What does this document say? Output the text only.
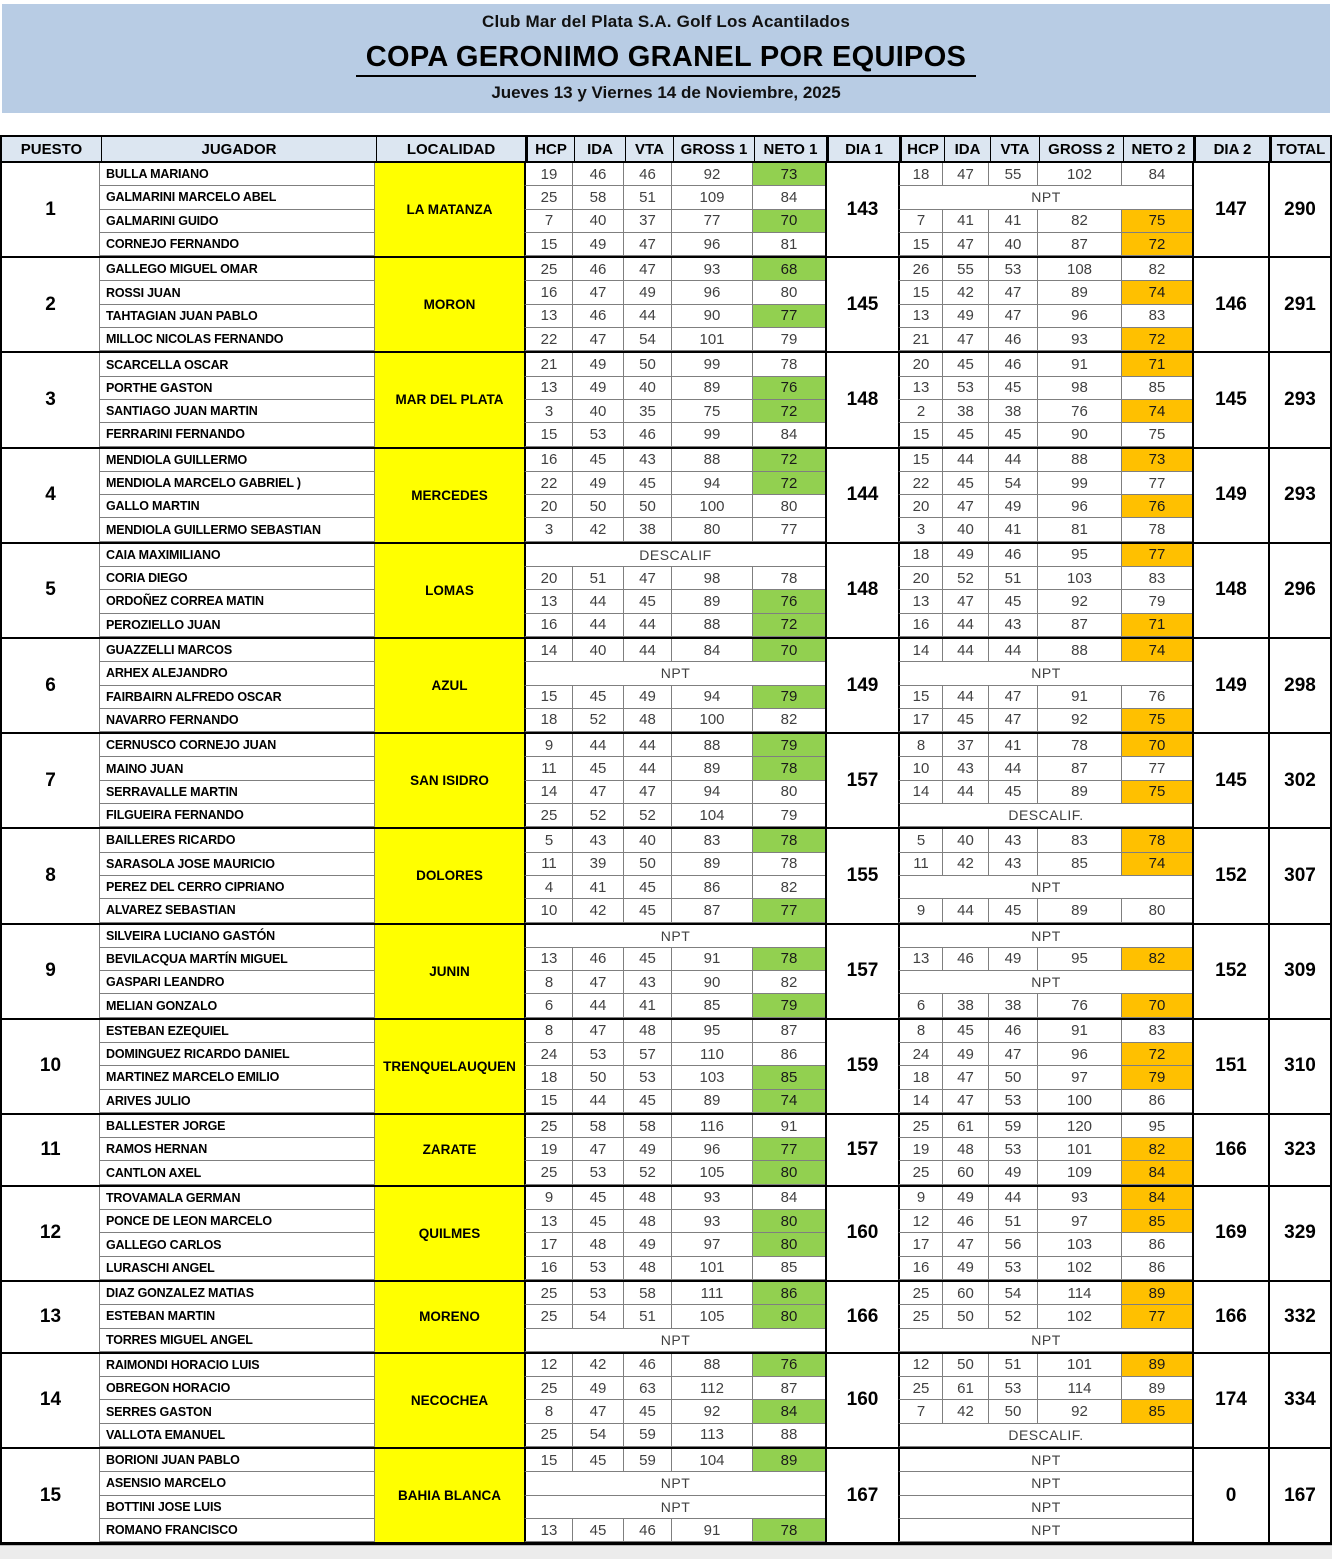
Club Mar del Plata S.A. Golf Los Acantilados
COPA GERONIMO GRANEL POR EQUIPOS
Jueves 13 y Viernes 14 de Noviembre, 2025
PUESTO	JUGADOR	LOCALIDAD	HCP	IDA	VTA	GROSS 1	NETO 1	DIA 1	HCP	IDA	VTA	GROSS 2	NETO 2	DIA 2	TOTAL
1	LA MATANZA	143	147	290
BULLA MARIANO	19	46	46	92	73	18	47	55	102	84
GALMARINI MARCELO ABEL	25	58	51	109	84	NPT
GALMARINI GUIDO	7	40	37	77	70	7	41	41	82	75
CORNEJO FERNANDO	15	49	47	96	81	15	47	40	87	72
2	MORON	145	146	291
GALLEGO MIGUEL OMAR	25	46	47	93	68	26	55	53	108	82
ROSSI JUAN	16	47	49	96	80	15	42	47	89	74
TAHTAGIAN JUAN PABLO	13	46	44	90	77	13	49	47	96	83
MILLOC NICOLAS FERNANDO	22	47	54	101	79	21	47	46	93	72
3	MAR DEL PLATA	148	145	293
SCARCELLA OSCAR	21	49	50	99	78	20	45	46	91	71
PORTHE GASTON	13	49	40	89	76	13	53	45	98	85
SANTIAGO JUAN MARTIN	3	40	35	75	72	2	38	38	76	74
FERRARINI FERNANDO	15	53	46	99	84	15	45	45	90	75
4	MERCEDES	144	149	293
MENDIOLA GUILLERMO	16	45	43	88	72	15	44	44	88	73
MENDIOLA MARCELO GABRIEL )	22	49	45	94	72	22	45	54	99	77
GALLO MARTIN	20	50	50	100	80	20	47	49	96	76
MENDIOLA GUILLERMO SEBASTIAN	3	42	38	80	77	3	40	41	81	78
5	LOMAS	148	148	296
CAIA MAXIMILIANO	DESCALIF	18	49	46	95	77
CORIA DIEGO	20	51	47	98	78	20	52	51	103	83
ORDOÑEZ CORREA MATIN	13	44	45	89	76	13	47	45	92	79
PEROZIELLO JUAN	16	44	44	88	72	16	44	43	87	71
6	AZUL	149	149	298
GUAZZELLI MARCOS	14	40	44	84	70	14	44	44	88	74
ARHEX ALEJANDRO	NPT	NPT
FAIRBAIRN ALFREDO OSCAR	15	45	49	94	79	15	44	47	91	76
NAVARRO FERNANDO	18	52	48	100	82	17	45	47	92	75
7	SAN ISIDRO	157	145	302
CERNUSCO CORNEJO JUAN	9	44	44	88	79	8	37	41	78	70
MAINO JUAN	11	45	44	89	78	10	43	44	87	77
SERRAVALLE MARTIN	14	47	47	94	80	14	44	45	89	75
FILGUEIRA FERNANDO	25	52	52	104	79	DESCALIF.
8	DOLORES	155	152	307
BAILLERES RICARDO	5	43	40	83	78	5	40	43	83	78
SARASOLA JOSE MAURICIO	11	39	50	89	78	11	42	43	85	74
PEREZ DEL CERRO CIPRIANO	4	41	45	86	82	NPT
ALVAREZ SEBASTIAN	10	42	45	87	77	9	44	45	89	80
9	JUNIN	157	152	309
SILVEIRA LUCIANO GASTÓN	NPT	NPT
BEVILACQUA MARTÍN MIGUEL	13	46	45	91	78	13	46	49	95	82
GASPARI LEANDRO	8	47	43	90	82	NPT
MELIAN GONZALO	6	44	41	85	79	6	38	38	76	70
10	TRENQUELAUQUEN	159	151	310
ESTEBAN EZEQUIEL	8	47	48	95	87	8	45	46	91	83
DOMINGUEZ RICARDO DANIEL	24	53	57	110	86	24	49	47	96	72
MARTINEZ MARCELO EMILIO	18	50	53	103	85	18	47	50	97	79
ARIVES JULIO	15	44	45	89	74	14	47	53	100	86
11	ZARATE	157	166	323
BALLESTER JORGE	25	58	58	116	91	25	61	59	120	95
RAMOS HERNAN	19	47	49	96	77	19	48	53	101	82
CANTLON AXEL	25	53	52	105	80	25	60	49	109	84
12	QUILMES	160	169	329
TROVAMALA GERMAN	9	45	48	93	84	9	49	44	93	84
PONCE DE LEON MARCELO	13	45	48	93	80	12	46	51	97	85
GALLEGO CARLOS	17	48	49	97	80	17	47	56	103	86
LURASCHI ANGEL	16	53	48	101	85	16	49	53	102	86
13	MORENO	166	166	332
DIAZ GONZALEZ MATIAS	25	53	58	111	86	25	60	54	114	89
ESTEBAN MARTIN	25	54	51	105	80	25	50	52	102	77
TORRES MIGUEL ANGEL	NPT	NPT
14	NECOCHEA	160	174	334
RAIMONDI HORACIO LUIS	12	42	46	88	76	12	50	51	101	89
OBREGON HORACIO	25	49	63	112	87	25	61	53	114	89
SERRES GASTON	8	47	45	92	84	7	42	50	92	85
VALLOTA EMANUEL	25	54	59	113	88	DESCALIF.
15	BAHIA BLANCA	167	0	167
BORIONI JUAN PABLO	15	45	59	104	89	NPT
ASENSIO MARCELO	NPT	NPT
BOTTINI JOSE LUIS	NPT	NPT
ROMANO FRANCISCO	13	45	46	91	78	NPT
